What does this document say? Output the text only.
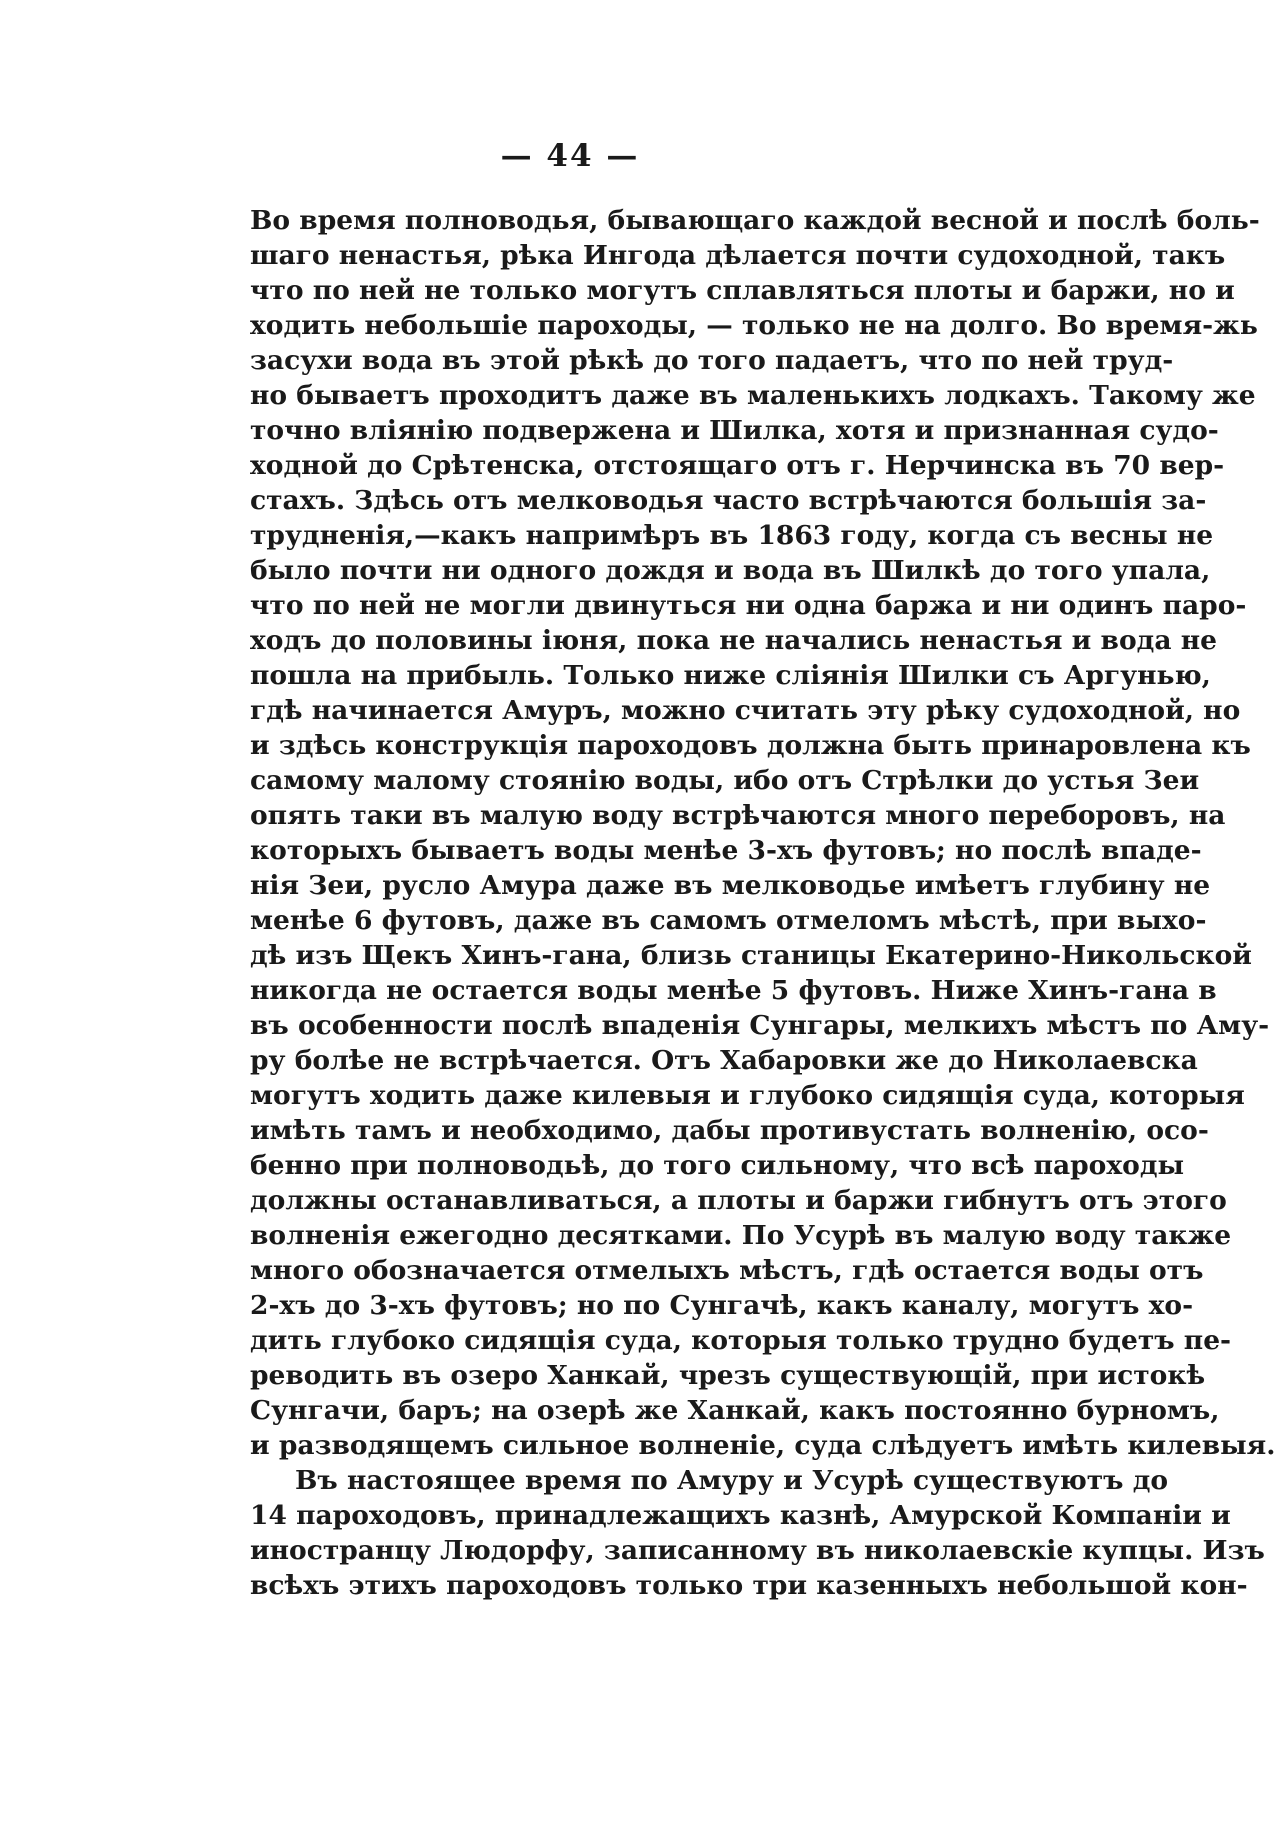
— 44 —
Во время полноводья, бывающаго каждой весной и послѣ боль-
шаго ненастья, рѣка Ингода дѣлается почти судоходной, такъ
что по ней не только могутъ сплавляться плоты и баржи, но и
ходить небольшiе пароходы, — только не на долго. Во время-жь
засухи вода въ этой рѣкѣ до того падаетъ, что по ней труд-
но бываетъ проходитъ даже въ маленькихъ лодкахъ. Такому же
точно влiянiю подвержена и Шилка, хотя и признанная судо-
ходной до Срѣтенска, отстоящаго отъ г. Нерчинска въ 70 вер-
стахъ. Здѣсь отъ мелководья часто встрѣчаются большiя за-
трудненiя,—какъ напримѣръ въ 1863 году, когда съ весны не
было почти ни одного дождя и вода въ Шилкѣ до того упала,
что по ней не могли двинуться ни одна баржа и ни одинъ паро-
ходъ до половины iюня, пока не начались ненастья и вода не
пошла на прибыль. Только ниже слiянiя Шилки съ Аргунью,
гдѣ начинается Амуръ, можно считать эту рѣку судоходной, но
и здѣсь конструкцiя пароходовъ должна быть принаровлена къ
самому малому стоянiю воды, ибо отъ Стрѣлки до устья Зеи
опять таки въ малую воду встрѣчаются много переборовъ, на
которыхъ бываетъ воды менѣе 3-хъ футовъ; но послѣ впаде-
нiя Зеи, русло Амура даже въ мелководье имѣетъ глубину не
менѣе 6 футовъ, даже въ самомъ отмеломъ мѣстѣ, при выхо-
дѣ изъ Щекъ Хинъ-гана, близь станицы Екатерино-Никольской
никогда не остается воды менѣе 5 футовъ. Ниже Хинъ-гана в
въ особенности послѣ впаденiя Сунгары, мелкихъ мѣстъ по Аму-
ру болѣе не встрѣчается. Отъ Хабаровки же до Николаевска
могутъ ходить даже килевыя и глубоко сидящiя суда, которыя
имѣть тамъ и необходимо, дабы противустать волненiю, осо-
бенно при полноводьѣ, до того сильному, что всѣ пароходы
должны останавливаться, а плоты и баржи гибнутъ отъ этого
волненiя ежегодно десятками. По Усурѣ въ малую воду также
много обозначается отмелыхъ мѣстъ, гдѣ остается воды отъ
2-хъ до 3-хъ футовъ; но по Сунгачѣ, какъ каналу, могутъ хо-
дить глубоко сидящiя суда, которыя только трудно будетъ пе-
реводить въ озеро Ханкай, чрезъ существующiй, при истокѣ
Сунгачи, баръ; на озерѣ же Ханкай, какъ постоянно бурномъ,
и разводящемъ сильное волненiе, суда слѣдуетъ имѣть килевыя.
Въ настоящее время по Амуру и Усурѣ существуютъ до
14 пароходовъ, принадлежащихъ казнѣ, Амурской Компанiи и
иностранцу Людорфу, записанному въ николаевскiе купцы. Изъ
всѣхъ этихъ пароходовъ только три казенныхъ небольшой кон-
